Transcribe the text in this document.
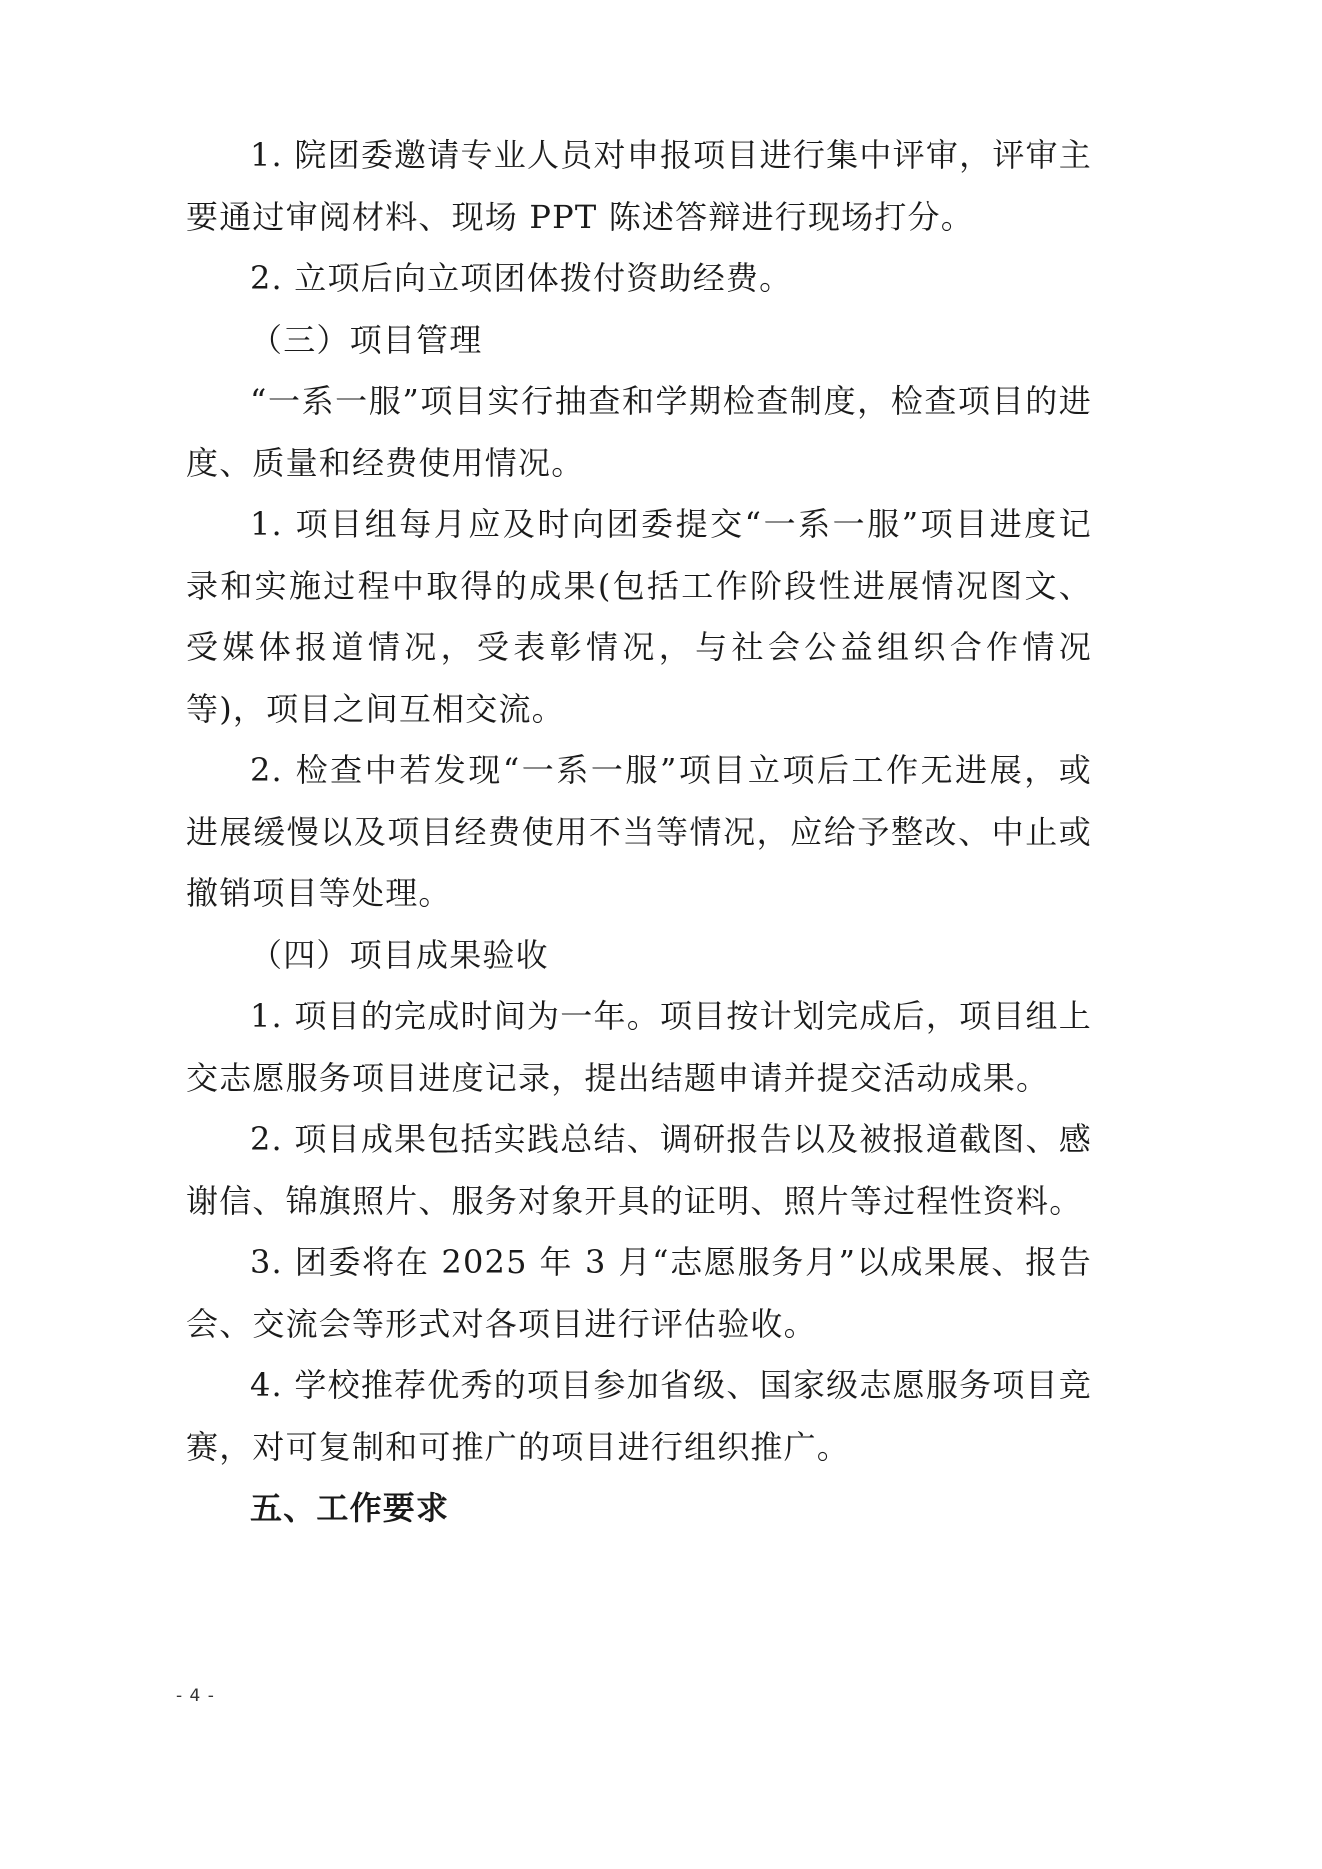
1. 院团委邀请专业人员对申报项目进行集中评审，评审主要通过审阅材料、现场 PPT 陈述答辩进行现场打分。

2. 立项后向立项团体拨付资助经费。

（三）项目管理

“一系一服”项目实行抽查和学期检查制度，检查项目的进度、质量和经费使用情况。

1. 项目组每月应及时向团委提交“一系一服”项目进度记录和实施过程中取得的成果(包括工作阶段性进展情况图文、受媒体报道情况，受表彰情况，与社会公益组织合作情况等)，项目之间互相交流。

2. 检查中若发现“一系一服”项目立项后工作无进展，或进展缓慢以及项目经费使用不当等情况，应给予整改、中止或撤销项目等处理。

（四）项目成果验收

1. 项目的完成时间为一年。项目按计划完成后，项目组上交志愿服务项目进度记录，提出结题申请并提交活动成果。

2. 项目成果包括实践总结、调研报告以及被报道截图、感谢信、锦旗照片、服务对象开具的证明、照片等过程性资料。

3. 团委将在 2025 年 3 月“志愿服务月”以成果展、报告会、交流会等形式对各项目进行评估验收。

4. 学校推荐优秀的项目参加省级、国家级志愿服务项目竞赛，对可复制和可推广的项目进行组织推广。

五、工作要求

- 4 -
